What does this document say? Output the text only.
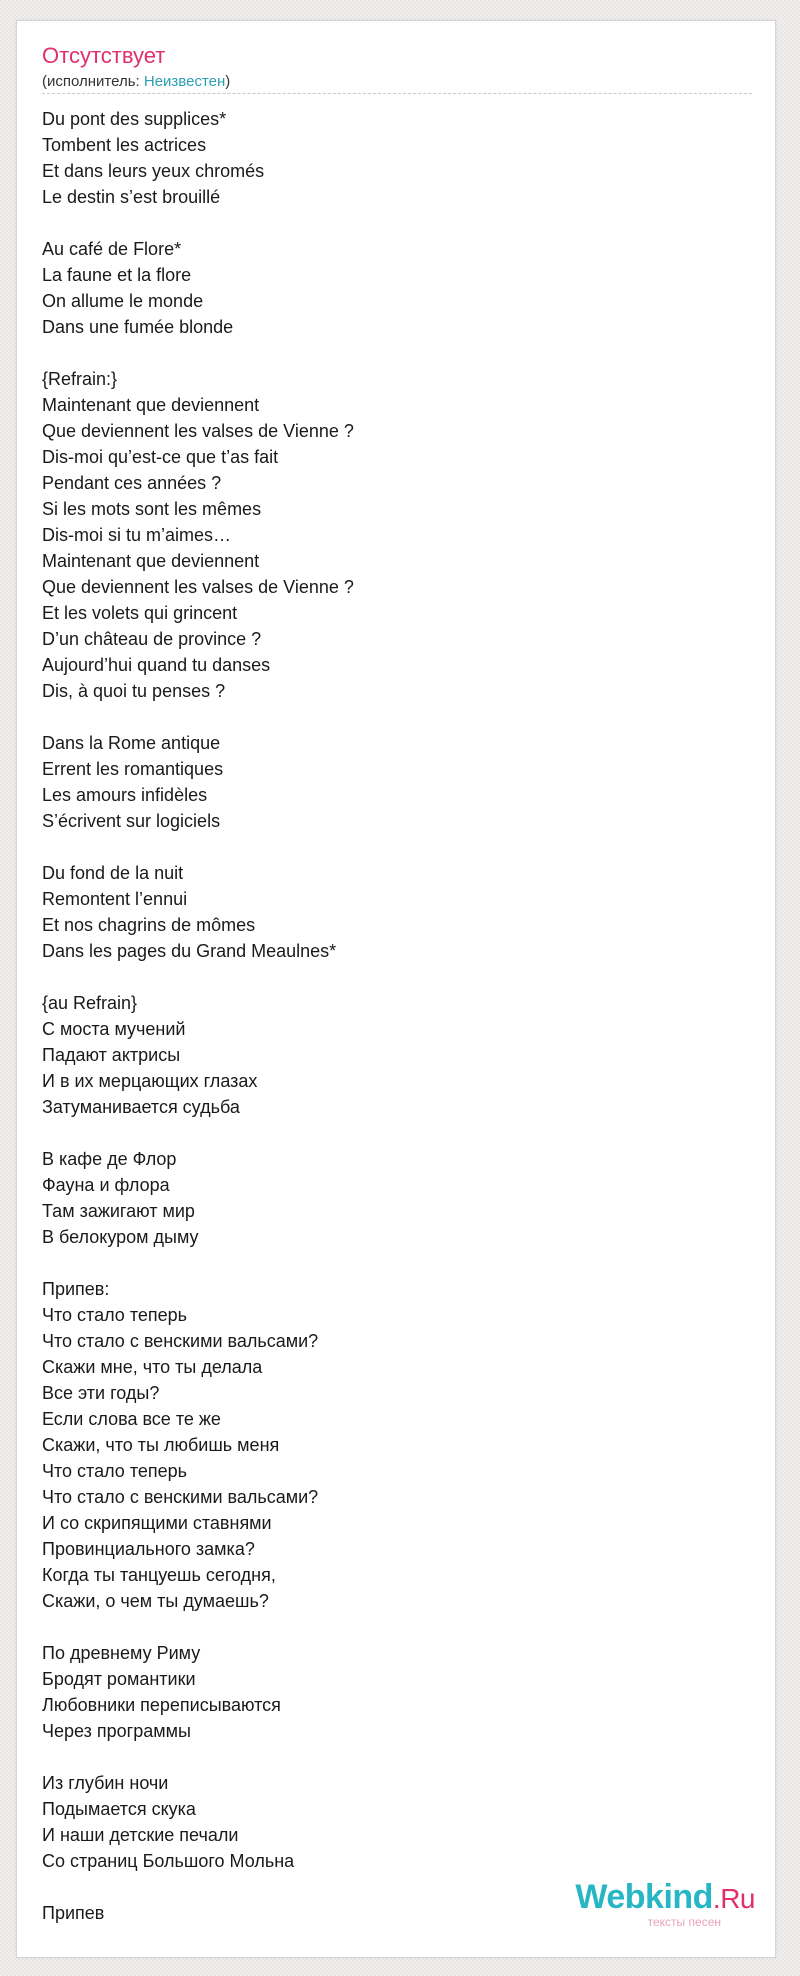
Отсутствует
(исполнитель: Неизвестен)
Du pont des supplices*
Tombent les actrices
Et dans leurs yeux chromés
Le destin s’est brouillé
Au café de Flore*
La faune et la flore
On allume le monde
Dans une fumée blonde
{Refrain:}
Maintenant que deviennent
Que deviennent les valses de Vienne ?
Dis-moi qu’est-ce que t’as fait
Pendant ces années ?
Si les mots sont les mêmes
Dis-moi si tu m’aimes…
Maintenant que deviennent
Que deviennent les valses de Vienne ?
Et les volets qui grincent
D’un château de province ?
Aujourd’hui quand tu danses
Dis, à quoi tu penses ?
Dans la Rome antique
Errent les romantiques
Les amours infidèles
S’écrivent sur logiciels
Du fond de la nuit
Remontent l’ennui
Et nos chagrins de mômes
Dans les pages du Grand Meaulnes*
{au Refrain}
С моста мучений
Падают актрисы
И в их мерцающих глазах
Затуманивается судьба
В кафе де Флор
Фауна и флора
Там зажигают мир
В белокуром дыму
Припев:
Что стало теперь
Что стало с венскими вальсами?
Скажи мне, что ты делала
Все эти годы?
Если слова все те же
Скажи, что ты любишь меня
Что стало теперь
Что стало с венскими вальсами?
И со скрипящими ставнями
Провинциального замка?
Когда ты танцуешь сегодня,
Скажи, о чем ты думаешь?
По древнему Риму
Бродят романтики
Любовники переписываются
Через программы
Из глубин ночи
Подымается скука
И наши детские печали
Со страниц Большого Мольна
Припев	Webkind.Ru
тексты песен
